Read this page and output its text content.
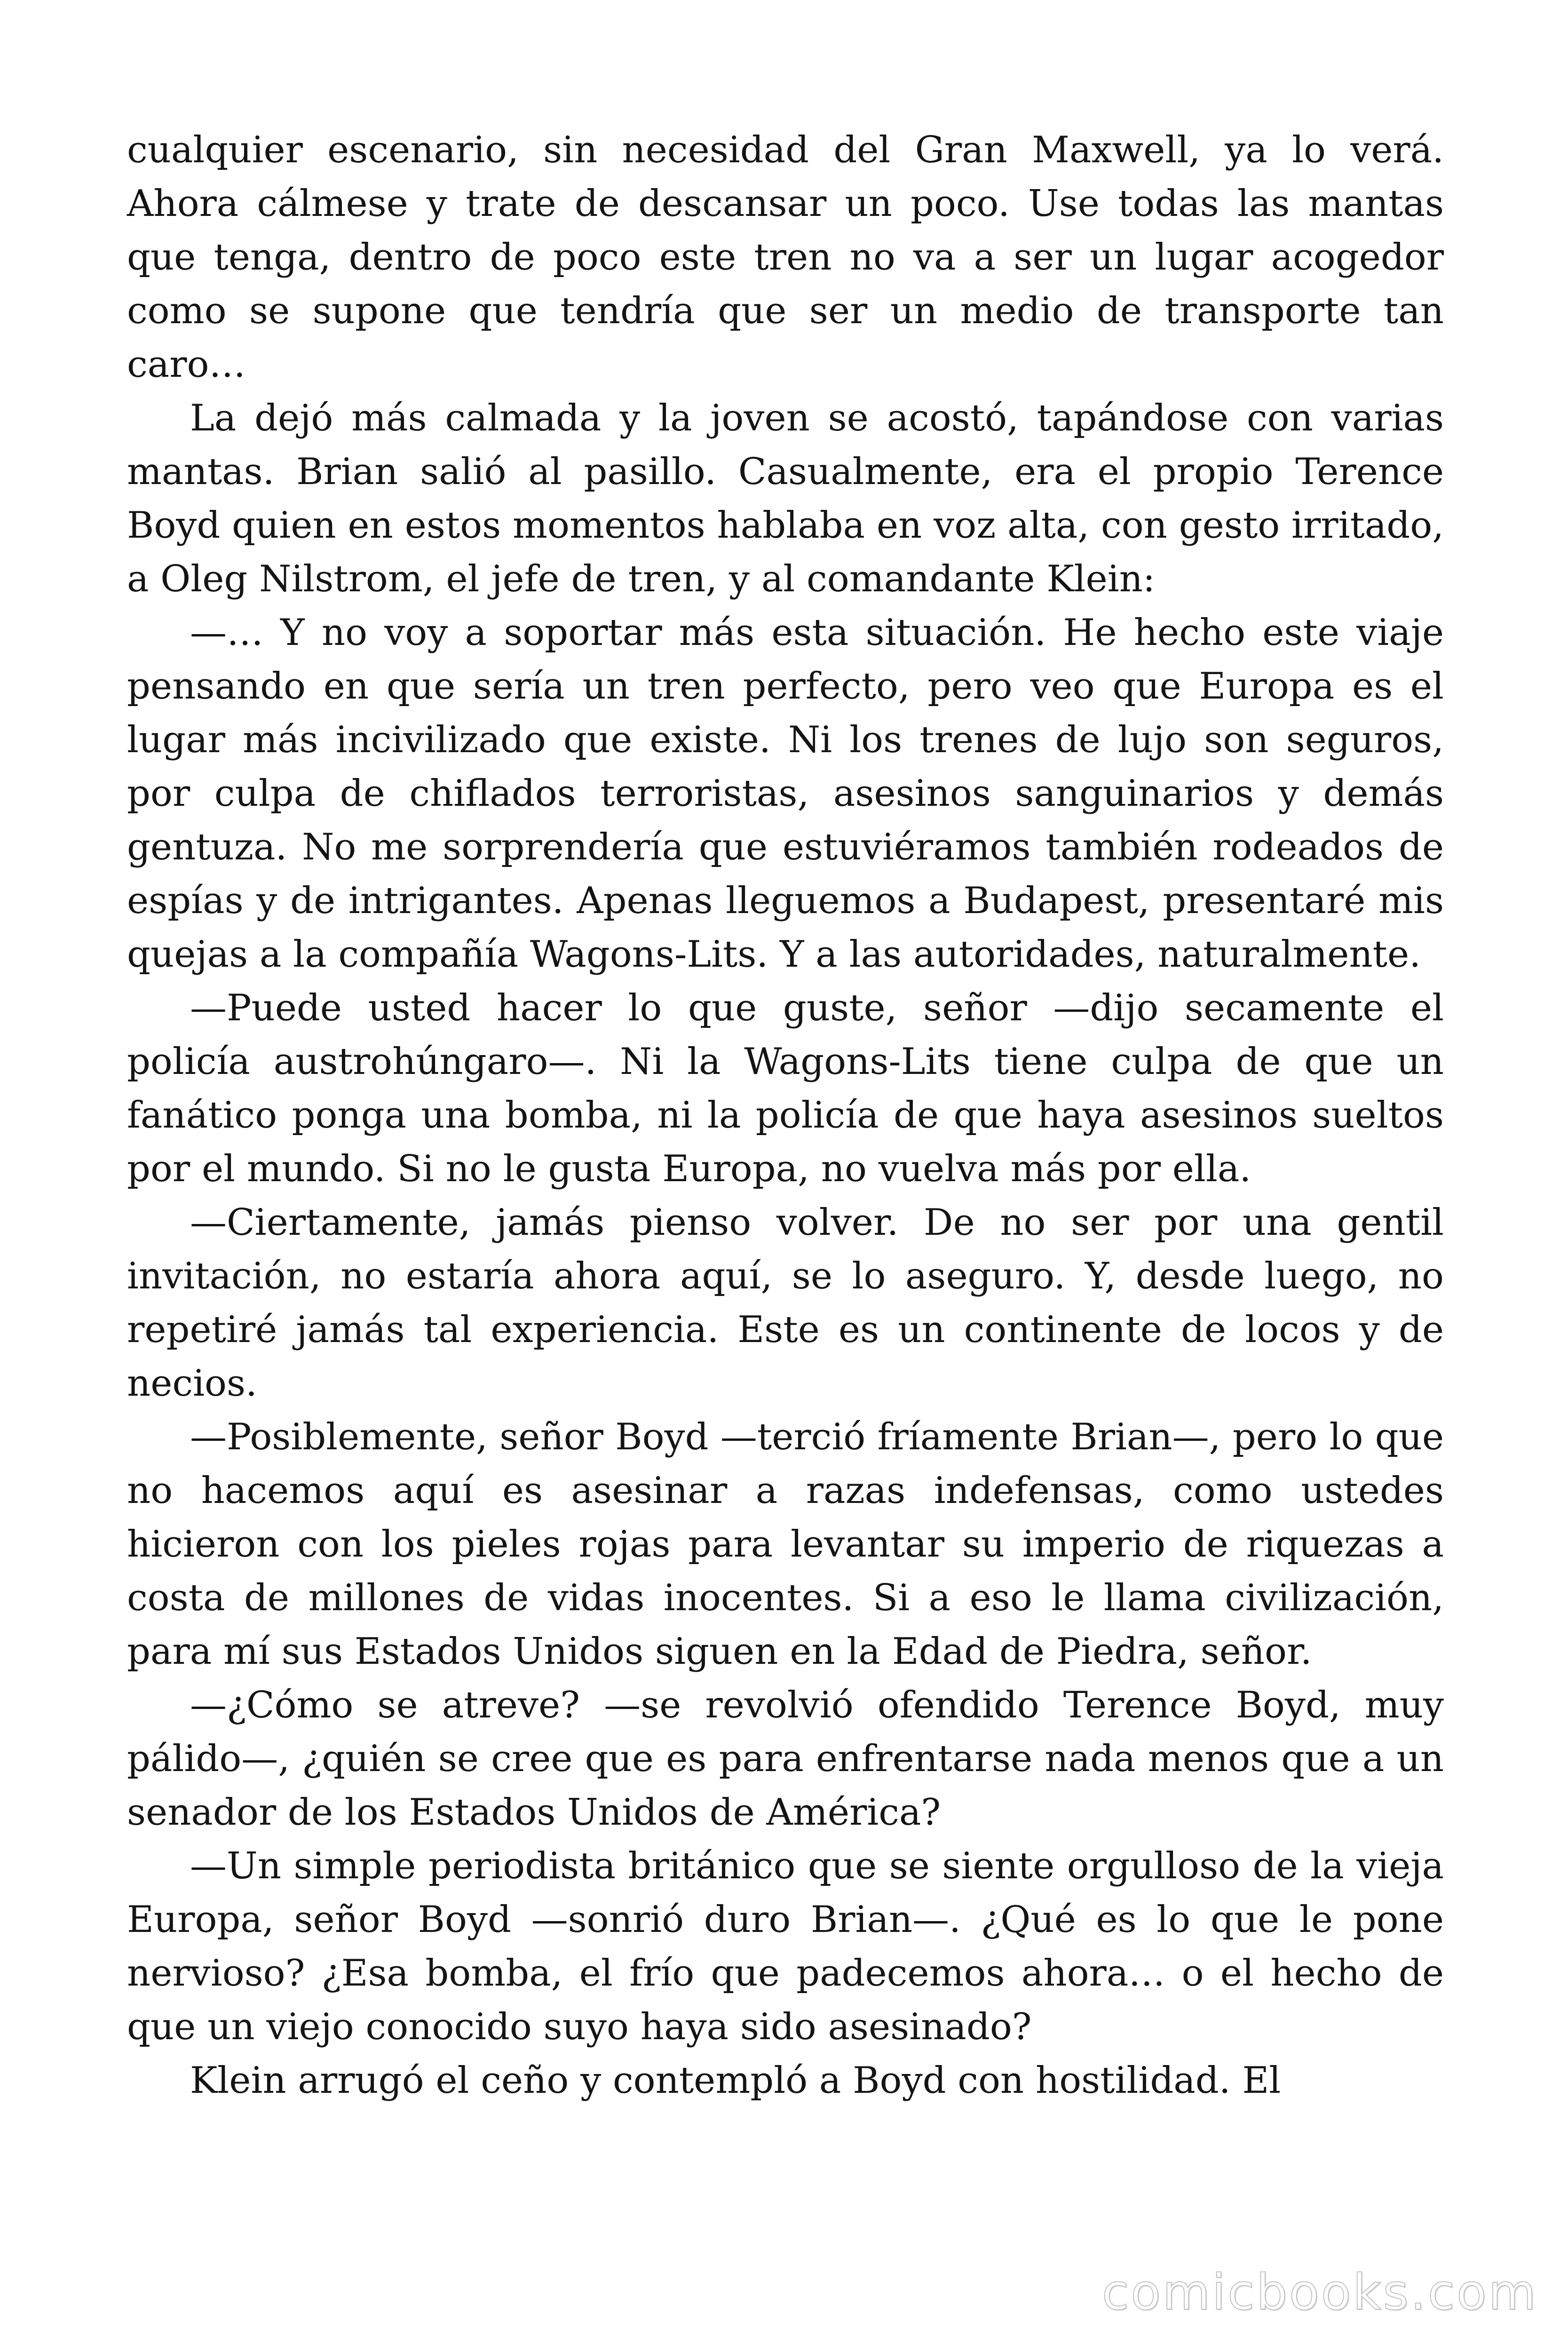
cualquier escenario, sin necesidad del Gran Maxwell, ya lo verá. Ahora cálmese y trate de descansar un poco. Use todas las mantas que tenga, dentro de poco este tren no va a ser un lugar acogedor como se supone que tendría que ser un medio de transporte tan caro…

La dejó más calmada y la joven se acostó, tapándose con varias mantas. Brian salió al pasillo. Casualmente, era el propio Terence Boyd quien en estos momentos hablaba en voz alta, con gesto irritado, a Oleg Nilstrom, el jefe de tren, y al comandante Klein:

—… Y no voy a soportar más esta situación. He hecho este viaje pensando en que sería un tren perfecto, pero veo que Europa es el lugar más incivilizado que existe. Ni los trenes de lujo son seguros, por culpa de chiflados terroristas, asesinos sanguinarios y demás gentuza. No me sorprendería que estuviéramos también rodeados de espías y de intrigantes. Apenas lleguemos a Budapest, presentaré mis quejas a la compañía Wagons-Lits. Y a las autoridades, naturalmente.

—Puede usted hacer lo que guste, señor —dijo secamente el policía austrohúngaro—. Ni la Wagons-Lits tiene culpa de que un fanático ponga una bomba, ni la policía de que haya asesinos sueltos por el mundo. Si no le gusta Europa, no vuelva más por ella.

—Ciertamente, jamás pienso volver. De no ser por una gentil invitación, no estaría ahora aquí, se lo aseguro. Y, desde luego, no repetiré jamás tal experiencia. Este es un continente de locos y de necios.

—Posiblemente, señor Boyd —terció fríamente Brian—, pero lo que no hacemos aquí es asesinar a razas indefensas, como ustedes hicieron con los pieles rojas para levantar su imperio de riquezas a costa de millones de vidas inocentes. Si a eso le llama civilización, para mí sus Estados Unidos siguen en la Edad de Piedra, señor.

—¿Cómo se atreve? —se revolvió ofendido Terence Boyd, muy pálido—, ¿quién se cree que es para enfrentarse nada menos que a un senador de los Estados Unidos de América?

—Un simple periodista británico que se siente orgulloso de la vieja Europa, señor Boyd —sonrió duro Brian—. ¿Qué es lo que le pone nervioso? ¿Esa bomba, el frío que padecemos ahora… o el hecho de que un viejo conocido suyo haya sido asesinado?

Klein arrugó el ceño y contempló a Boyd con hostilidad. El

comicbooks.com
